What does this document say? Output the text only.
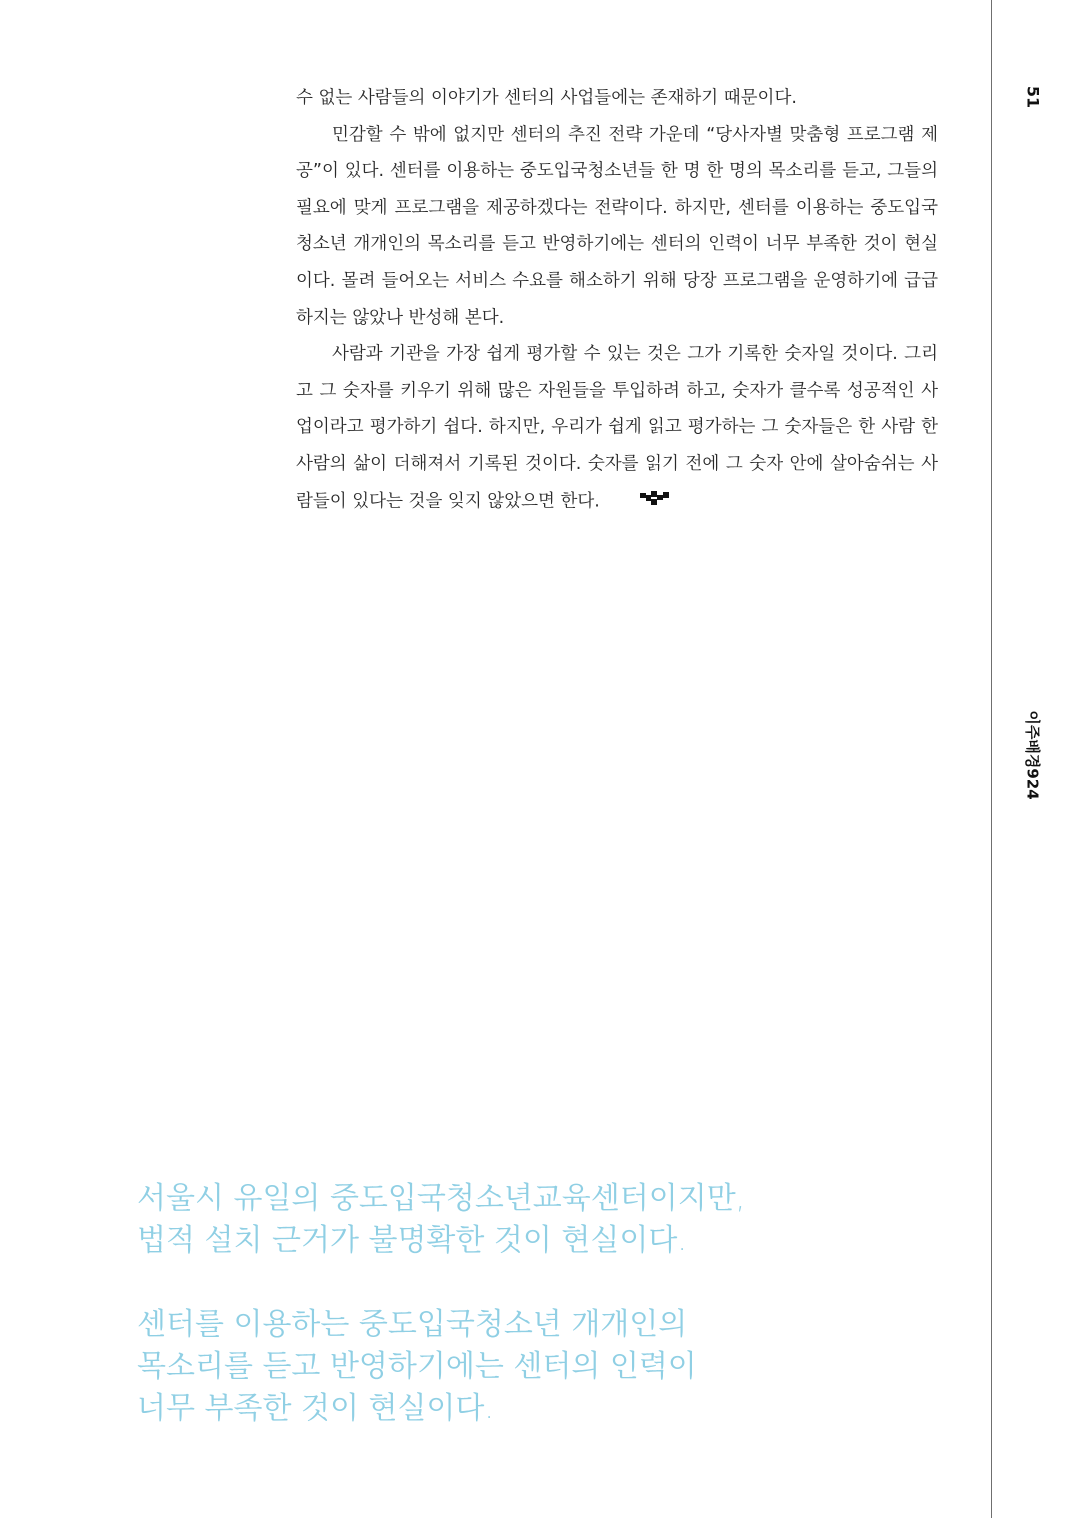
수 없는 사람들의 이야기가 센터의 사업들에는 존재하기 때문이다.

민감할 수 밖에 없지만 센터의 추진 전략 가운데 “당사자별 맞춤형 프로그램 제공”이 있다. 센터를 이용하는 중도입국청소년들 한 명 한 명의 목소리를 듣고, 그들의 필요에 맞게 프로그램을 제공하겠다는 전략이다. 하지만, 센터를 이용하는 중도입국청소년 개개인의 목소리를 듣고 반영하기에는 센터의 인력이 너무 부족한 것이 현실이다. 몰려 들어오는 서비스 수요를 해소하기 위해 당장 프로그램을 운영하기에 급급하지는 않았나 반성해 본다.

사람과 기관을 가장 쉽게 평가할 수 있는 것은 그가 기록한 숫자일 것이다. 그리고 그 숫자를 키우기 위해 많은 자원들을 투입하려 하고, 숫자가 클수록 성공적인 사업이라고 평가하기 쉽다. 하지만, 우리가 쉽게 읽고 평가하는 그 숫자들은 한 사람 한 사람의 삶이 더해져서 기록된 것이다. 숫자를 읽기 전에 그 숫자 안에 살아숨쉬는 사람들이 있다는 것을 잊지 않았으면 한다.

51
이주배경924

서울시 유일의 중도입국청소년교육센터이지만,
법적 설치 근거가 불명확한 것이 현실이다.

센터를 이용하는 중도입국청소년 개개인의
목소리를 듣고 반영하기에는 센터의 인력이
너무 부족한 것이 현실이다.
